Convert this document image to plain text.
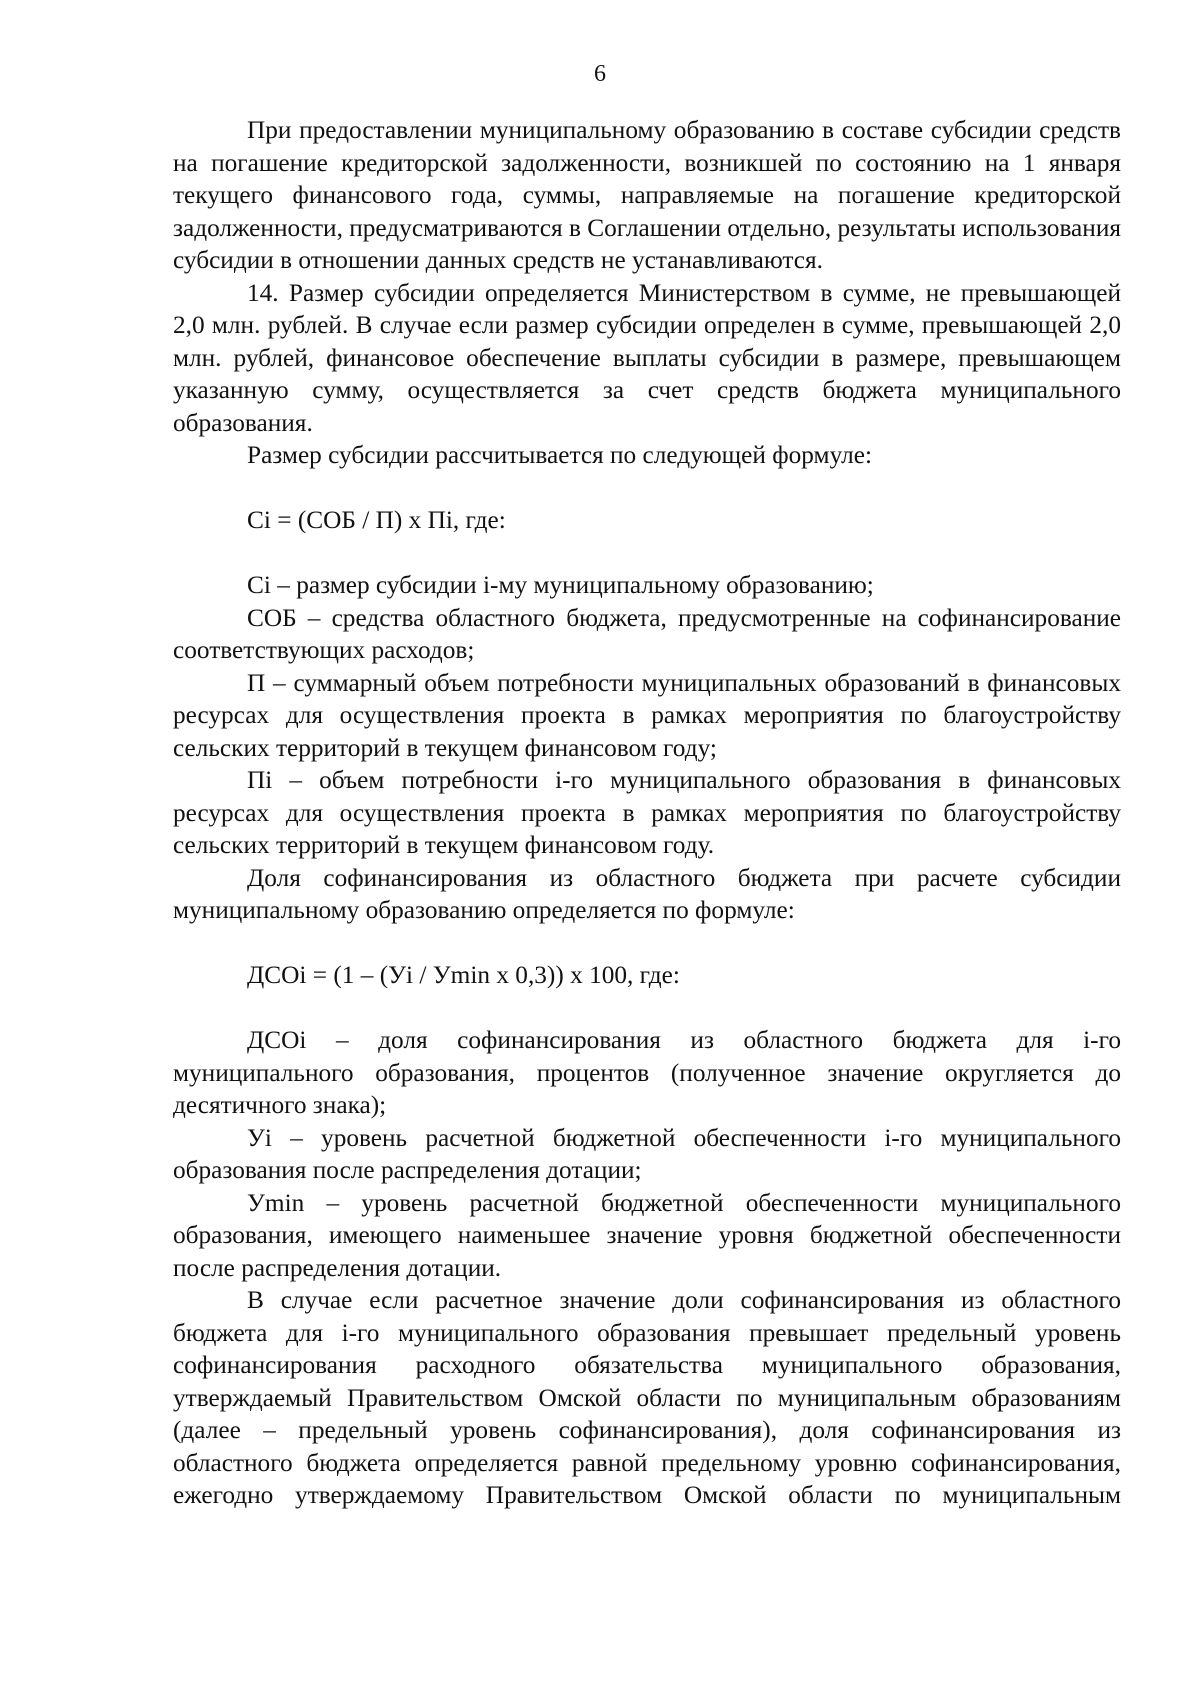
6

При предоставлении муниципальному образованию в составе субсидии средств на погашение кредиторской задолженности, возникшей по состоянию на 1 января текущего финансового года, суммы, направляемые на погашение кредиторской задолженности, предусматриваются в Соглашении отдельно, результаты использования субсидии в отношении данных средств не устанавливаются.

14. Размер субсидии определяется Министерством в сумме, не превышающей 2,0 млн. рублей. В случае если размер субсидии определен в сумме, превышающей 2,0 млн. рублей, финансовое обеспечение выплаты субсидии в размере, превышающем указанную сумму, осуществляется за счет средств бюджета муниципального образования.

Размер субсидии рассчитывается по следующей формуле:

Сi = (СОБ / П) x Пi, где:

Сi – размер субсидии i-му муниципальному образованию;

СОБ – средства областного бюджета, предусмотренные на софинансирование соответствующих расходов;

П – суммарный объем потребности муниципальных образований в финансовых ресурсах для осуществления проекта в рамках мероприятия по благоустройству сельских территорий в текущем финансовом году;

Пi – объем потребности i-го муниципального образования в финансовых ресурсах для осуществления проекта в рамках мероприятия по благоустройству сельских территорий в текущем финансовом году.

Доля софинансирования из областного бюджета при расчете субсидии муниципальному образованию определяется по формуле:

ДСОi = (1 – (Уi / Уmin x 0,3)) x 100, где:

ДСОi – доля софинансирования из областного бюджета для i-го муниципального образования, процентов (полученное значение округляется до десятичного знака);

Уi – уровень расчетной бюджетной обеспеченности i-го муниципального образования после распределения дотации;

Уmin – уровень расчетной бюджетной обеспеченности муниципального образования, имеющего наименьшее значение уровня бюджетной обеспеченности после распределения дотации.

В случае если расчетное значение доли софинансирования из областного бюджета для i-го муниципального образования превышает предельный уровень софинансирования расходного обязательства муниципального образования, утверждаемый Правительством Омской области по муниципальным образованиям (далее – предельный уровень софинансирования), доля софинансирования из областного бюджета определяется равной предельному уровню софинансирования, ежегодно утверждаемому Правительством Омской области по муниципальным
